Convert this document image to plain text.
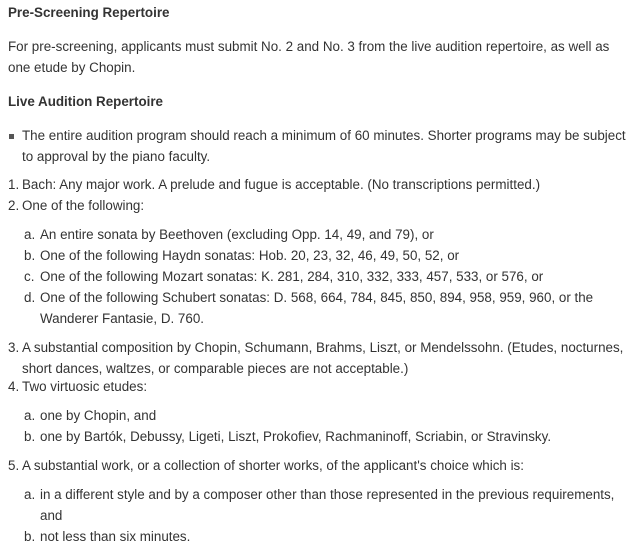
Pre-Screening Repertoire

For pre-screening, applicants must submit No. 2 and No. 3 from the live audition repertoire, as well as one etude by Chopin.

Live Audition Repertoire
The entire audition program should reach a minimum of 60 minutes. Shorter programs may be subject to approval by the piano faculty.
1. Bach: Any major work. A prelude and fugue is acceptable. (No transcriptions permitted.)
2. One of the following:
a. An entire sonata by Beethoven (excluding Opp. 14, 49, and 79), or
b. One of the following Haydn sonatas: Hob. 20, 23, 32, 46, 49, 50, 52, or
c. One of the following Mozart sonatas: K. 281, 284, 310, 332, 333, 457, 533, or 576, or
d. One of the following Schubert sonatas: D. 568, 664, 784, 845, 850, 894, 958, 959, 960, or the Wanderer Fantasie, D. 760.
3. A substantial composition by Chopin, Schumann, Brahms, Liszt, or Mendelssohn. (Etudes, nocturnes, short dances, waltzes, or comparable pieces are not acceptable.)
4. Two virtuosic etudes:
a. one by Chopin, and
b. one by Bartók, Debussy, Ligeti, Liszt, Prokofiev, Rachmaninoff, Scriabin, or Stravinsky.
5. A substantial work, or a collection of shorter works, of the applicant's choice which is:
a. in a different style and by a composer other than those represented in the previous requirements, and
b. not less than six minutes.
